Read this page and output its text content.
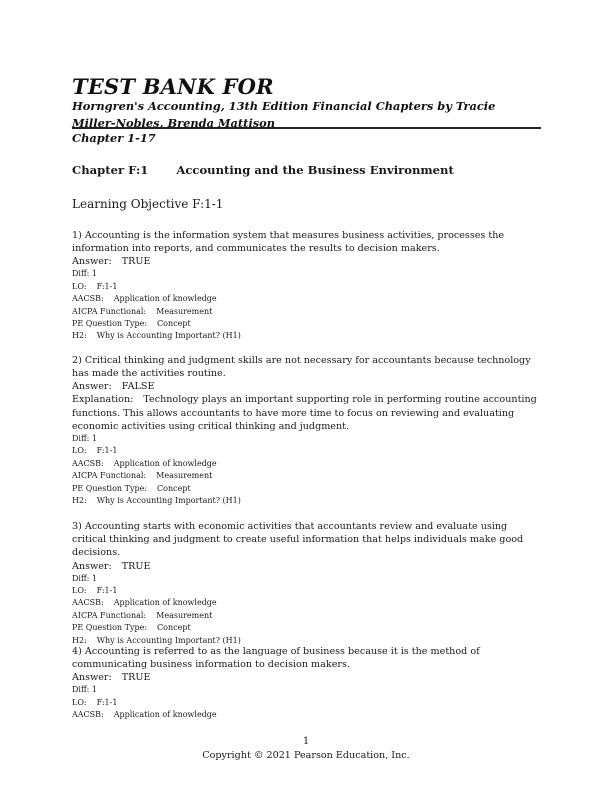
TEST BANK FOR
Horngren's Accounting, 13th Edition Financial Chapters by Tracie Miller-Nobles, Brenda Mattison
Chapter 1-17
Chapter F:1 Accounting and the Business Environment
Learning Objective F:1-1
1) Accounting is the information system that measures business activities, processes the information into reports, and communicates the results to decision makers.
Answer: TRUE
Diff: 1
LO: F:1-1
AACSB: Application of knowledge
AICPA Functional: Measurement
PE Question Type: Concept
H2: Why is Accounting Important? (H1)
2) Critical thinking and judgment skills are not necessary for accountants because technology has made the activities routine.
Answer: FALSE
Explanation: Technology plays an important supporting role in performing routine accounting functions. This allows accountants to have more time to focus on reviewing and evaluating economic activities using critical thinking and judgment.
Diff: 1
LO: F:1-1
AACSB: Application of knowledge
AICPA Functional: Measurement
PE Question Type: Concept
H2: Why is Accounting Important? (H1)
3) Accounting starts with economic activities that accountants review and evaluate using critical thinking and judgment to create useful information that helps individuals make good decisions.
Answer: TRUE
Diff: 1
LO: F:1-1
AACSB: Application of knowledge
AICPA Functional: Measurement
PE Question Type: Concept
H2: Why is Accounting Important? (H1)
4) Accounting is referred to as the language of business because it is the method of communicating business information to decision makers.
Answer: TRUE
Diff: 1
LO: F:1-1
AACSB: Application of knowledge
1
Copyright © 2021 Pearson Education, Inc.
